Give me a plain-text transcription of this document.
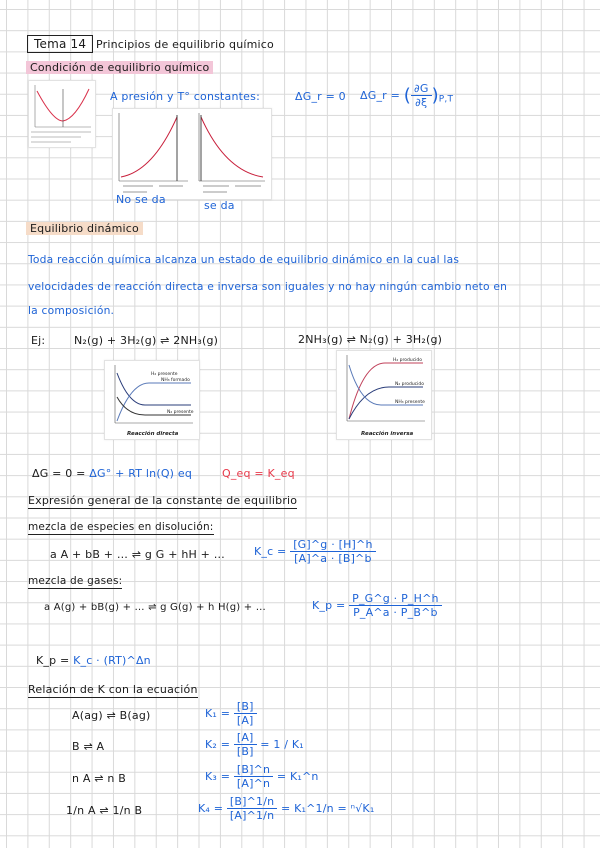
Tema 14 Principios de equilibrio químico
Condición de equilibrio químico
A presión y T° constantes:	ΔG_r = 0 ΔG_r = ( $\frac{\partial G}{\partial\xi} )_{P,T}$
No se da	se da
Equilibrio dinámico
Toda reacción química alcanza un estado de equilibrio dinámico en la cual las
velocidades de reacción directa e inversa son iguales y no hay ningún cambio neto en
la composición.
Ej:	N₂(g) + 3H₂(g) ⇌ 2NH₃(g)	2NH₃(g) ⇌ N₂(g) + 3H₂(g)
H₂ presente
NH₃ formado
N₂ presente
Reacción directa
H₂ producido
N₂ producido
NH₃ presente
Reacción inversa
ΔG = 0 = ΔG° + RT ln(Q) eq	Q_eq = K_eq
Expresión general de la constante de equilibrio
mezcla de especies en disolución:
a A + bB + … ⇌ g G + hH + …	K_c = $\frac{[G]\^{}g \cdot [H]\^{}h}{[A]\^{}a \cdot [B]\^{}b}$
mezcla de gases:
a A(g) + bB(g) + … ⇌ g G(g) + h H(g) + …	K_p = $\frac{P\_G\^{}g \cdot P\_H\^{}h}{P\_A\^{}a \cdot P\_B\^{}b}$
K_p = K_c · (RT)^Δn
Relación de K con la ecuación
A(ag) ⇌ B(ag)	$K_1 = \frac{[B]}{[A]}$
B ⇌ A	$K_2 = \frac{[A]}{[B]} = 1 / K_1$
n A ⇌ n B	$K_3 = \frac{[B]\^{}n}{[A]\^{}n}$ = K₁^n
1/n A ⇌ 1/n B	$K_4 = \frac{[B]\^{}1/n}{[A]\^{}1/n}$ = K₁^1/n = ⁿ√K₁
